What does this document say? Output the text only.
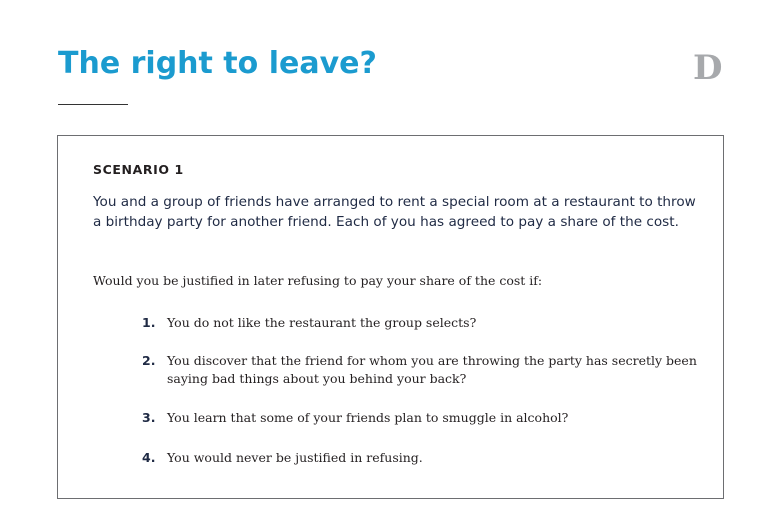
The right to leave?	D
SCENARIO 1

You and a group of friends have arranged to rent a special room at a restaurant to throw a birthday party for another friend. Each of you has agreed to pay a share of the cost.

Would you be justified in later refusing to pay your share of the cost if:

1. You do not like the restaurant the group selects?
2. You discover that the friend for whom you are throwing the party has secretly been saying bad things about you behind your back?
3. You learn that some of your friends plan to smuggle in alcohol?
4. You would never be justified in refusing.
